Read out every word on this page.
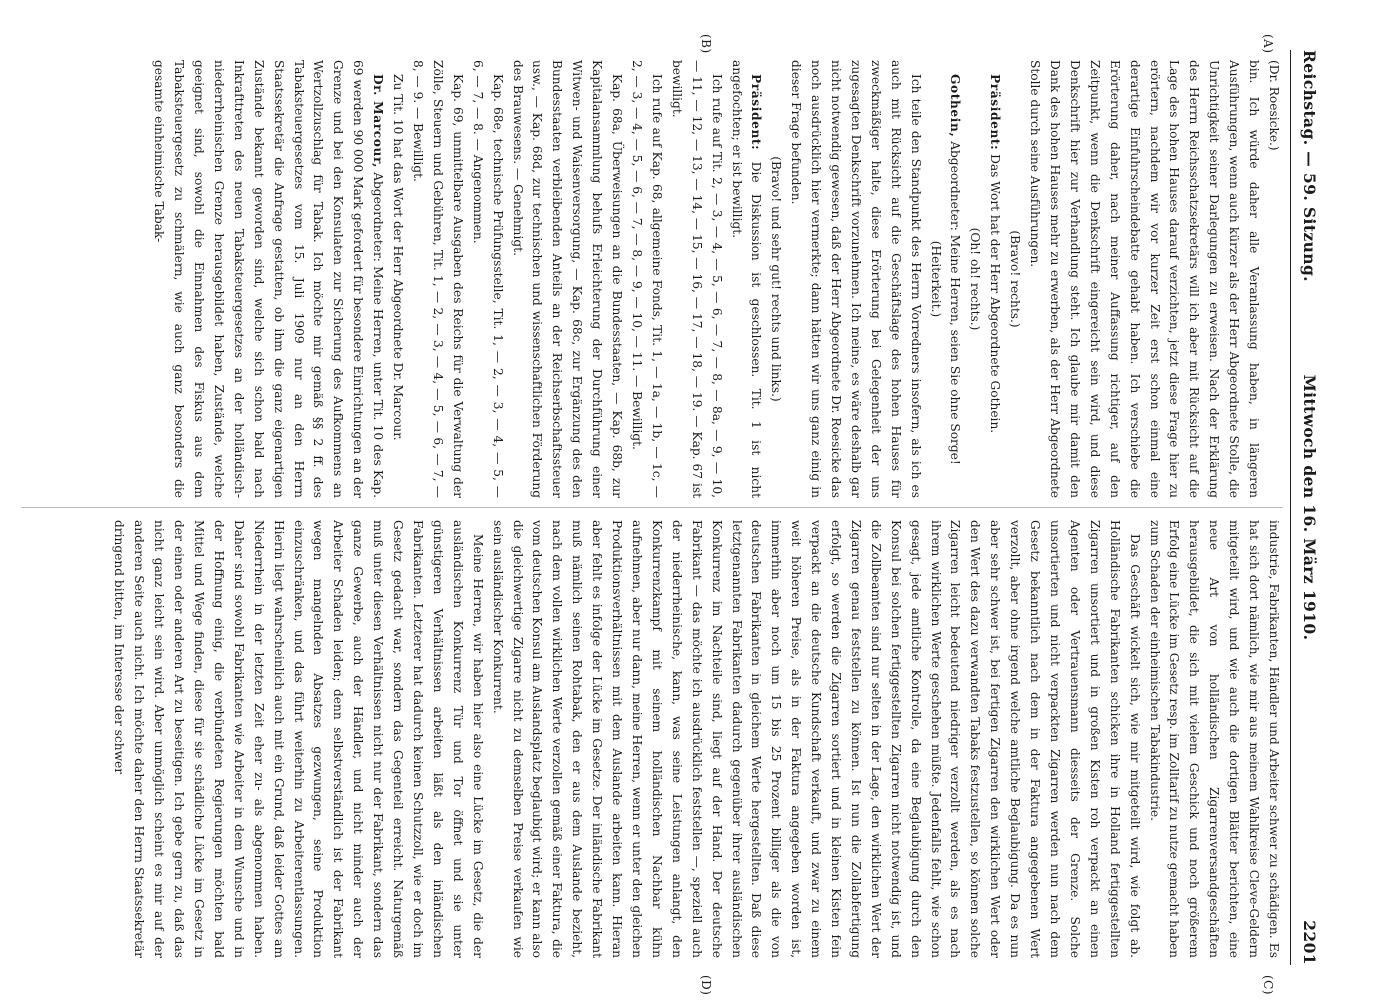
Reichstag. — 59. Sitzung.
Mittwoch den 16. März 1910.
2201
(A)
(B)
(C)
(D)

(Dr. Roesicke.)

bin. Ich würde daher alle Veranlassung haben, in längeren Ausführungen, wenn auch kürzer als der Herr Abgeordnete Stolle, die Unrichtigkeit seiner Darlegungen zu erweisen. Nach der Erklärung des Herrn Reichsschatzsekretärs will ich aber mit Rücksicht auf die Lage des hohen Hauses darauf verzichten, jetzt diese Frage hier zu erörtern, nachdem wir vor kurzer Zeit erst schon einmal eine derartige Einfuhrscheindebatte gehabt haben. Ich verschiebe die Erörterung daher, nach meiner Auffassung richtiger, auf den Zeitpunkt, wenn die Denkschrift eingereicht sein wird, und diese Denkschrift hier zur Verhandlung steht. Ich glaube mir damit den Dank des hohen Hauses mehr zu erwerben, als der Herr Abgeordnete Stolle durch seine Ausführungen.

(Bravo! rechts.)

Präsident: Das Wort hat der Herr Abgeordnete Gothein.

(Oh! oh! rechts.)

Gothein, Abgeordneter: Meine Herren, seien Sie ohne Sorge!

(Heiterkeit.)

Ich teile den Standpunkt des Herrn Vorredners insofern, als ich es auch mit Rücksicht auf die Geschäftslage des hohen Hauses für zweckmäßiger halte, diese Erörterung bei Gelegenheit der uns zugesagten Denkschrift vorzunehmen. Ich meine, es wäre deshalb gar nicht notwendig gewesen, daß der Herr Abgeordnete Dr. Roesicke das noch ausdrücklich hier vermerkte; dann hätten wir uns ganz einig in dieser Frage befunden.

(Bravo! und sehr gut! rechts und links.)

Präsident: Die Diskussion ist geschlossen. Tit. 1 ist nicht angefochten; er ist bewilligt.

Ich rufe auf Tit. 2, — 3, — 4, — 5, — 6, — 7, — 8, — 8a, — 9, — 10, — 11, — 12, — 13, — 14, — 15, — 16, — 17, — 18, — 19. — Kap. 67 ist bewilligt.

Ich rufe auf Kap. 68, allgemeine Fonds, Tit. 1, — 1a, — 1b, — 1c, — 2, — 3, — 4, — 5, — 6, — 7, — 8, — 9, — 10, — 11. — Bewilligt.

Kap. 68a, Überweisungen an die Bundesstaaten, — Kap. 68b, zur Kapitalansammlung behufs Erleichterung der Durchführung einer Witwen- und Waisenversorgung, — Kap. 68c, zur Ergänzung des den Bundesstaaten verbleibenden Anteils an der Reichserbschaftssteuer usw., — Kap. 68d, zur technischen und wissenschaftlichen Förderung des Brauwesens. — Genehmigt.

Kap. 68e, technische Prüfungsstelle, Tit. 1, — 2, — 3, — 4, — 5, — 6, — 7, — 8. — Angenommen.

Kap. 69, unmittelbare Ausgaben des Reichs für die Verwaltung der Zölle, Steuern und Gebühren, Tit. 1, — 2, — 3, — 4, — 5, — 6, — 7, — 8, — 9. — Bewilligt.

Zu Tit. 10 hat das Wort der Herr Abgeordnete Dr. Marcour.

Dr. Marcour, Abgeordneter: Meine Herren, unter Tit. 10 des Kap. 69 werden 90 000 Mark gefordert für besondere Einrichtungen an der Grenze und bei den Konsulaten zur Sicherung des Aufkommens an Wertzollzuschlag für Tabak. Ich möchte mir gemäß §§ 2 ff. des Tabaksteuergesetzes vom 15. Juli 1909 nur an den Herrn Staatssekretär die Anfrage gestatten, ob ihm die ganz eigenartigen Zustände bekannt geworden sind, welche sich schon bald nach Inkrafttreten des neuen Tabaksteuergesetzes an der holländisch-niederrheinischen Grenze herausgebildet haben, Zustände, welche geeignet sind, sowohl die Einnahmen des Fiskus aus dem Tabaksteuergesetz zu schmälern, wie auch ganz besonders die gesamte einheimische Tabak-

industrie, Fabrikanten, Händler und Arbeiter schwer zu schädigen. Es hat sich dort nämlich, wie mir aus meinem Wahlkreise Cleve-Geldern mitgeteilt wird, und wie auch die dortigen Blätter berichten, eine neue Art von holländischen Zigarrenversandgeschäften herausgebildet, die sich mit vielem Geschick und noch größerem Erfolg eine Lücke im Gesetz resp. im Zolltarif zu nutze gemacht haben zum Schaden der einheimischen Tabakindustrie.

Das Geschäft wickelt sich, wie mir mitgeteilt wird, wie folgt ab. Holländische Fabrikanten schicken ihre in Holland fertiggestellten Zigarren unsortiert und in großen Kisten roh verpackt an einen Agenten oder Vertrauensmann diesseits der Grenze. Solche unsortierten und nicht verpackten Zigarren werden nun nach dem Gesetz bekanntlich nach dem in der Faktura angegebenen Wert verzollt, aber ohne irgend welche amtliche Beglaubigung. Da es nun aber sehr schwer ist, bei fertigen Zigarren den wirklichen Wert oder den Wert des dazu verwandten Tabaks festzustellen, so können solche Zigarren leicht bedeutend niedriger verzollt werden, als es nach ihrem wirklichen Werte geschehen müßte. Jedenfalls fehlt, wie schon gesagt, jede amtliche Kontrolle, da eine Beglaubigung durch den Konsul bei solchen fertiggestellten Zigarren nicht notwendig ist, und die Zollbeamten sind nur selten in der Lage, den wirklichen Wert der Zigarren genau feststellen zu können. Ist nun die Zollabfertigung erfolgt, so werden die Zigarren sortiert und in kleinen Kisten fein verpackt an die deutsche Kundschaft verkauft, und zwar zu einem weit höheren Preise, als in der Faktura angegeben worden ist, immerhin aber noch um 15 bis 25 Prozent billiger als die von deutschen Fabrikanten in gleichem Werte hergestellten. Daß diese letztgenannten Fabrikanten dadurch gegenüber ihrer ausländischen Konkurrenz im Nachteile sind, liegt auf der Hand. Der deutsche Fabrikant — das möchte ich ausdrücklich feststellen —, speziell auch der niederrheinische, kann, was seine Leistungen anlangt, den Konkurrenzkampf mit seinem holländischen Nachbar kühn aufnehmen, aber nur dann, meine Herren, wenn er unter den gleichen Produktionsverhältnissen mit dem Auslande arbeiten kann. Hieran aber fehlt es infolge der Lücke im Gesetze. Der inländische Fabrikant muß nämlich seinen Rohtabak, den er aus dem Auslande bezieht, nach dem vollen wirklichen Werte verzollen gemäß einer Faktura, die vom deutschen Konsul am Auslandsplatz beglaubigt wird; er kann also die gleichwertige Zigarre nicht zu demselben Preise verkaufen wie sein ausländischer Konkurrent.

Meine Herren, wir haben hier also eine Lücke im Gesetz, die der ausländischen Konkurrenz Tür und Tor öffnet und sie unter günstigeren Verhältnissen arbeiten läßt als den inländischen Fabrikanten. Letzterer hat dadurch keinen Schutzzoll, wie er doch im Gesetz gedacht war, sondern das Gegenteil erreicht. Naturgemäß muß unter diesen Verhältnissen nicht nur der Fabrikant, sondern das ganze Gewerbe, auch der Händler, und nicht minder auch der Arbeiter Schaden leiden; denn selbstverständlich ist der Fabrikant wegen mangelnden Absatzes gezwungen, seine Produktion einzuschränken, und das führt weiterhin zu Arbeiterentlassungen. Hierin liegt wahrscheinlich auch mit ein Grund, daß leider Gottes am Niederrhein in der letzten Zeit eher zu- als abgenommen haben. Daher sind sowohl Fabrikanten wie Arbeiter in dem Wunsche und in der Hoffnung einig, die verbündeten Regierungen möchten bald Mittel und Wege finden, diese für sie schädliche Lücke im Gesetz in der einen oder anderen Art zu beseitigen. Ich gebe gern zu, daß das nicht ganz leicht sein wird. Aber unmöglich scheint es mir auf der anderen Seite auch nicht. Ich möchte daher den Herrn Staatssekretär dringend bitten, im Interesse der schwer
